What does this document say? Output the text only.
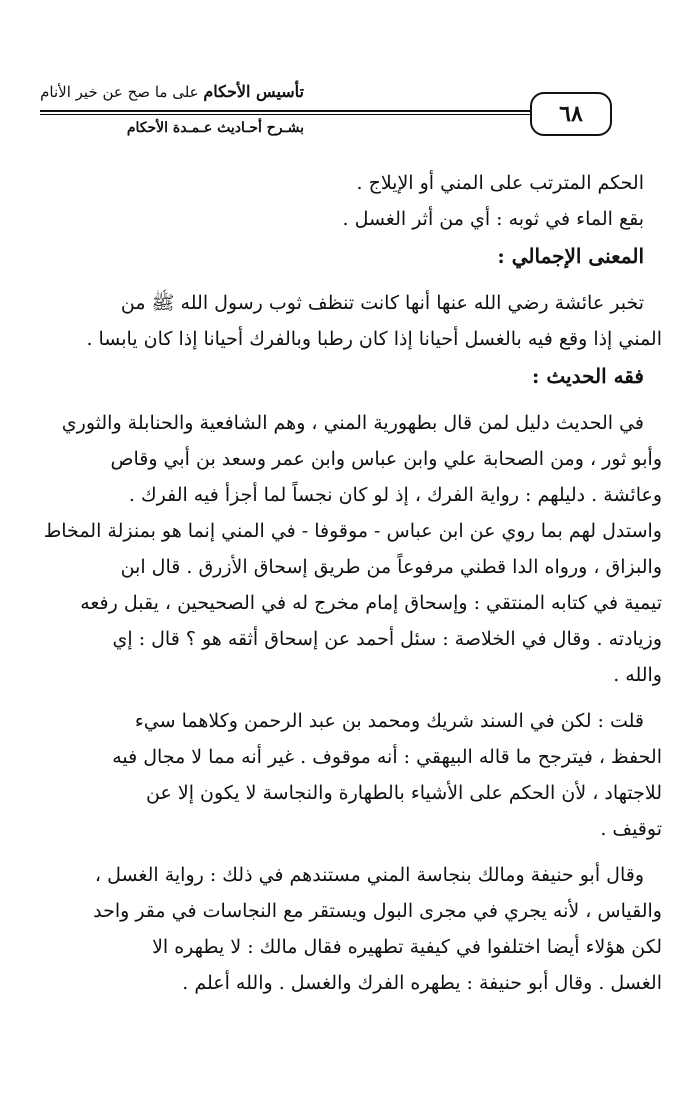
تأسيس الأحكام على ما صح عن خير الأنام
بشـرح أحـاديث عـمـدة الأحكام
٦٨
الحكم المترتب على المني أو الإيلاج .
بقع الماء في ثوبه : أي من أثر الغسل .
المعنى الإجمالي :
تخبر عائشة رضي الله عنها أنها كانت تنظف ثوب رسول الله ﷺ من
المني إذا وقع فيه بالغسل أحيانا إذا كان رطبا وبالفرك أحيانا إذا كان يابسا .
فقه الحديث :
في الحديث دليل لمن قال بطهورية المني ، وهم الشافعية والحنابلة والثوري
وأبو ثور ، ومن الصحابة علي وابن عباس وابن عمر وسعد بن أبي وقاص
وعائشة . دليلهم : رواية الفرك ، إذ لو كان نجساً لما أجزأ فيه الفرك .
واستدل لهم بما روي عن ابن عباس - موقوفا - في المني إنما هو بمنزلة المخاط
والبزاق ، ورواه الدا قطني مرفوعاً من طريق إسحاق الأزرق . قال ابن
تيمية في كتابه المنتقي : وإسحاق إمام مخرج له في الصحيحين ، يقبل رفعه
وزيادته . وقال في الخلاصة : سئل أحمد عن إسحاق أثقه هو ؟ قال : إي
والله .
قلت : لكن في السند شريك ومحمد بن عبد الرحمن وكلاهما سيء
الحفظ ، فيترجح ما قاله البيهقي : أنه موقوف . غير أنه مما لا مجال فيه
للاجتهاد ، لأن الحكم على الأشياء بالطهارة والنجاسة لا يكون إلا عن
توقيف .
وقال أبو حنيفة ومالك بنجاسة المني مستندهم في ذلك : رواية الغسل ،
والقياس ، لأنه يجري في مجرى البول ويستقر مع النجاسات في مقر واحد
لكن هؤلاء أيضا اختلفوا في كيفية تطهيره فقال مالك : لا يطهره الا
الغسل . وقال أبو حنيفة : يطهره الفرك والغسل . والله أعلم .
